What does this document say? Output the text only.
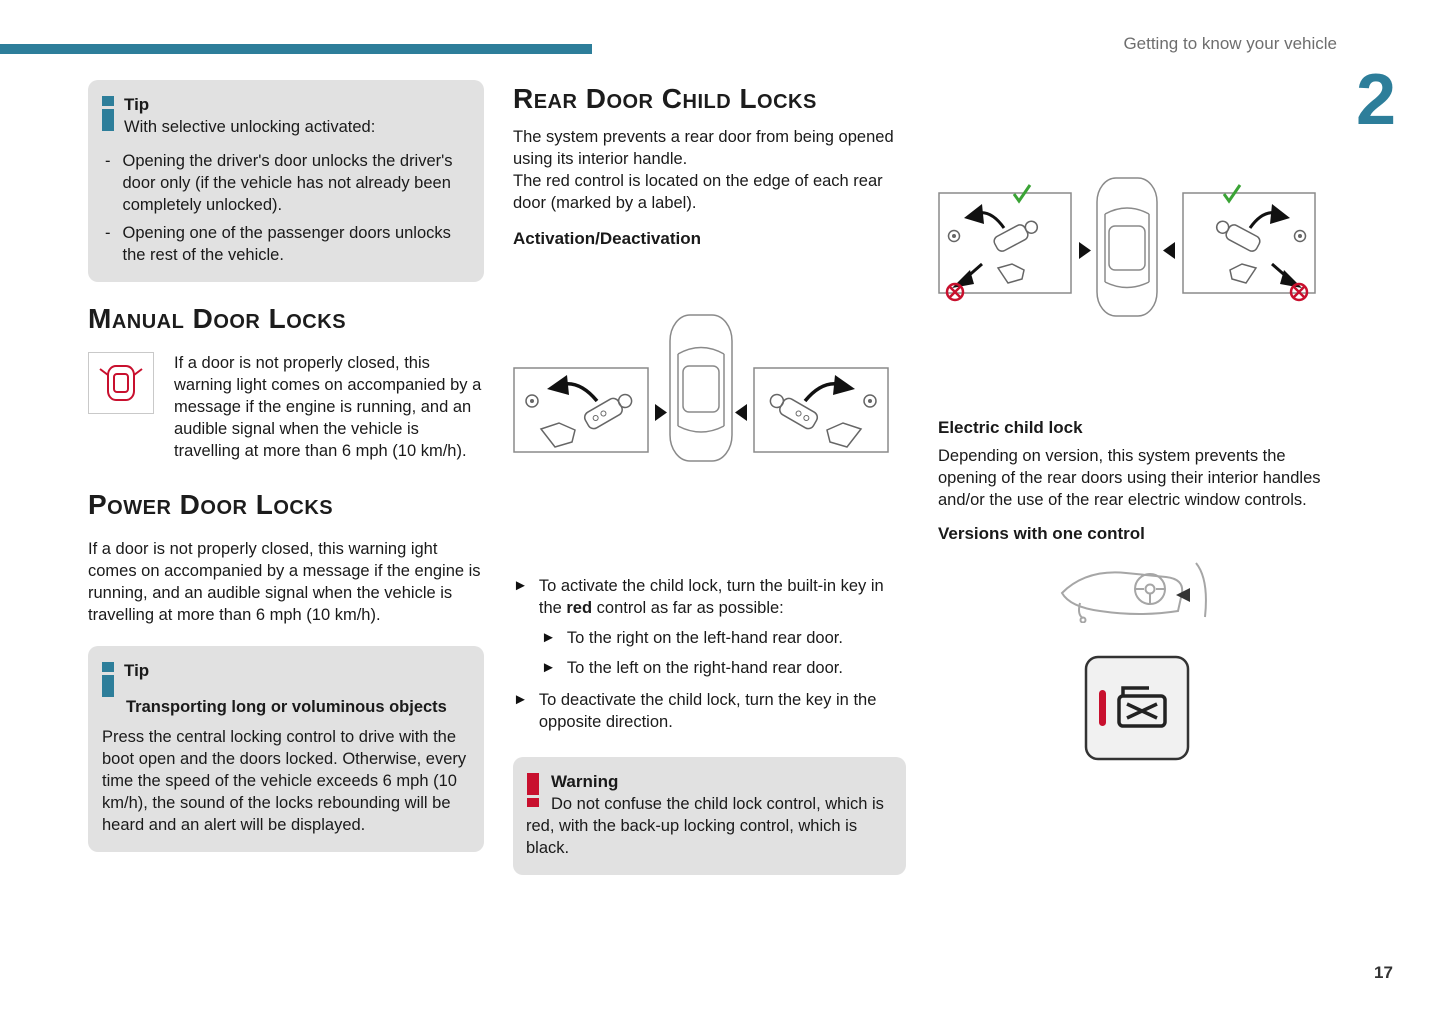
Getting to know your vehicle
2
Tip
With selective unlocking activated:
- Opening the driver's door unlocks the driver's door only (if the vehicle has not already been completely unlocked).
- Opening one of the passenger doors unlocks the rest of the vehicle.
Manual Door Locks

If a door is not properly closed, this warning light comes on accompanied by a message if the engine is running, and an audible signal when the vehicle is travelling at more than 6 mph (10 km/h).

Power Door Locks

If a door is not properly closed, this warning ight comes on accompanied by a message if the engine is running, and an audible signal when the vehicle is travelling at more than 6 mph (10 km/h).

Tip
Transporting long or voluminous objects

Press the central locking control to drive with the boot open and the doors locked. Otherwise, every time the speed of the vehicle exceeds 6 mph (10 km/h), the sound of the locks rebounding will be heard and an alert will be displayed.

Rear Door Child Locks

The system prevents a rear door from being opened using its interior handle.

The red control is located on the edge of each rear door (marked by a label).

Activation/Deactivation
► To activate the child lock, turn the built-in key in the red control as far as possible:
► To the right on the left-hand rear door.
► To the left on the right-hand rear door.
► To deactivate the child lock, turn the key in the opposite direction.
Warning

Do not confuse the child lock control, which is red, with the back-up locking control, which is black.

Electric child lock

Depending on version, this system prevents the opening of the rear doors using their interior handles and/or the use of the rear electric window controls.

Versions with one control
17
